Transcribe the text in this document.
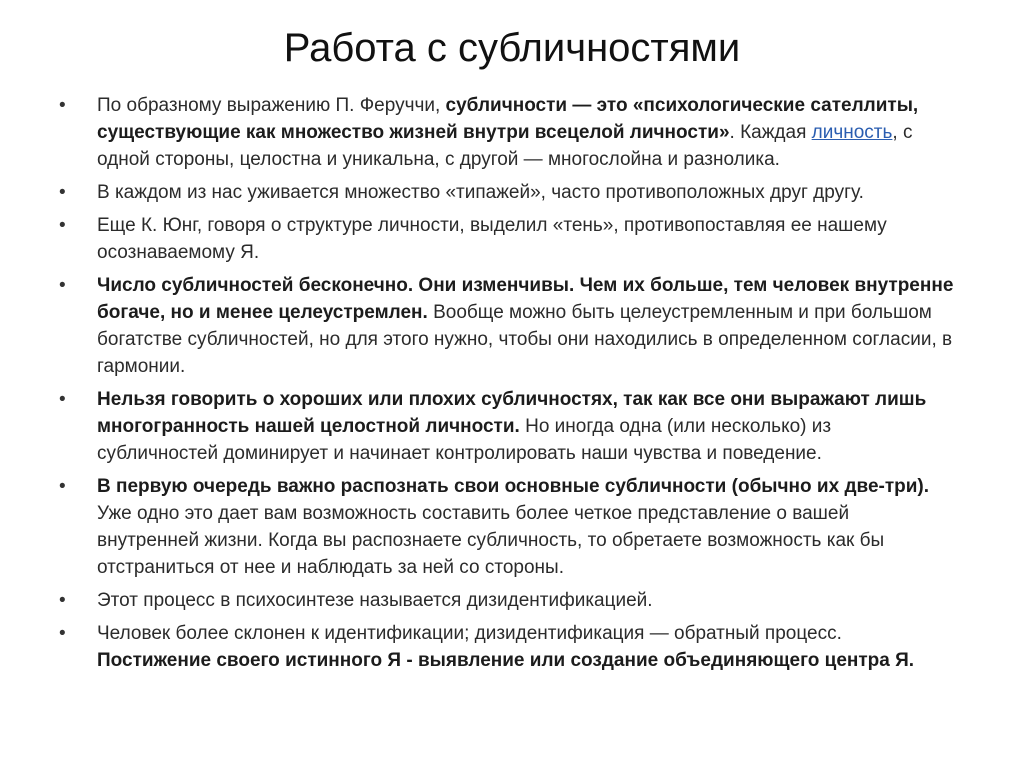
Работа с субличностями
• По образному выражению П. Феруччи, субличности — это «психологические сателлиты, существующие как множество жизней внутри всецелой личности». Каждая личность, с одной стороны, целостна и уникальна, с другой — многослойна и разнолика.
• В каждом из нас уживается множество «типажей», часто противоположных друг другу.
• Еще К. Юнг, говоря о структуре личности, выделил «тень», противопоставляя ее нашему осознаваемому Я.
• Число субличностей бесконечно. Они изменчивы. Чем их больше, тем человек внутренне богаче, но и менее целеустремлен. Вообще можно быть целеустремленным и при большом богатстве субличностей, но для этого нужно, чтобы они находились в определенном согласии, в гармонии.
• Нельзя говорить о хороших или плохих субличностях, так как все они выражают лишь многогранность нашей целостной личности. Но иногда одна (или несколько) из субличностей доминирует и начинает контролировать наши чувства и поведение.
• В первую очередь важно распознать свои основные субличности (обычно их две-три). Уже одно это дает вам возможность составить более четкое представление о вашей внутренней жизни. Когда вы распознаете субличность, то обретаете возможность как бы отстраниться от нее и наблюдать за ней со стороны.
• Этот процесс в психосинтезе называется дизидентификацией.
• Человек более склонен к идентификации; дизидентификация — обратный процесс. Постижение своего истинного Я - выявление или создание объединяющего центра Я.
